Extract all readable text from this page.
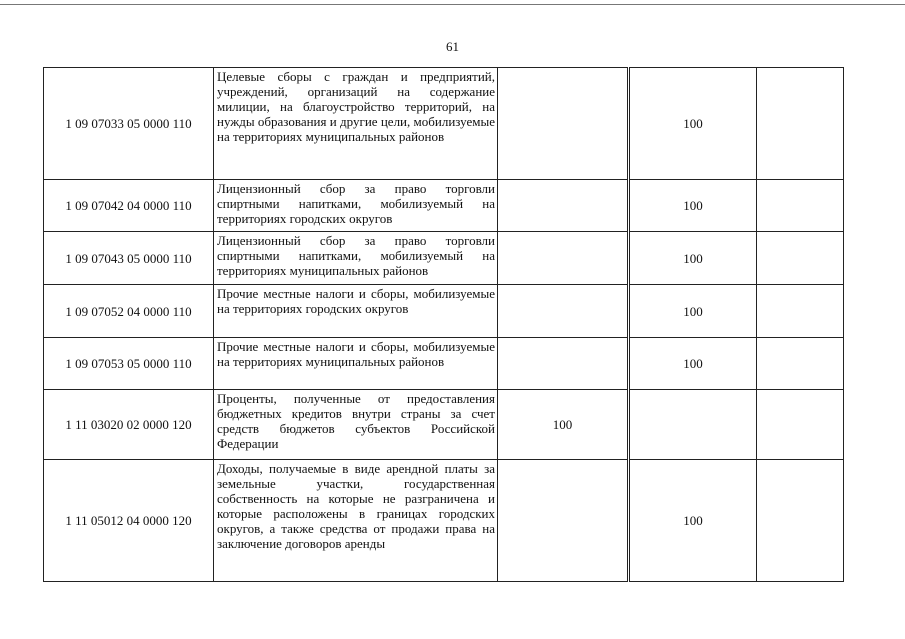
61
1 09 07033 05 0000 110	Целевые сборы с граждан и предприятий, учреждений, организаций на содержание милиции, на благоустройство территорий, на нужды образования и другие цели, мобилизуемые на территориях муниципальных районов		100	
1 09 07042 04 0000 110	Лицензионный сбор за право торговли спиртными напитками, мобилизуемый на территориях городских округов		100	
1 09 07043 05 0000 110	Лицензионный сбор за право торговли спиртными напитками, мобилизуемый на территориях муниципальных районов		100	
1 09 07052 04 0000 110	Прочие местные налоги и сборы, мобилизуемые на территориях городских округов		100	
1 09 07053 05 0000 110	Прочие местные налоги и сборы, мобилизуемые на территориях муниципальных районов		100	
1 11 03020 02 0000 120	Проценты, полученные от предоставления бюджетных кредитов внутри страны за счет средств бюджетов субъектов Российской Федерации	100		
1 11 05012 04 0000 120	Доходы, получаемые в виде арендной платы за земельные участки, государственная собственность на которые не разграничена и которые расположены в границах городских округов, а также средства от продажи права на заключение договоров аренды		100	
